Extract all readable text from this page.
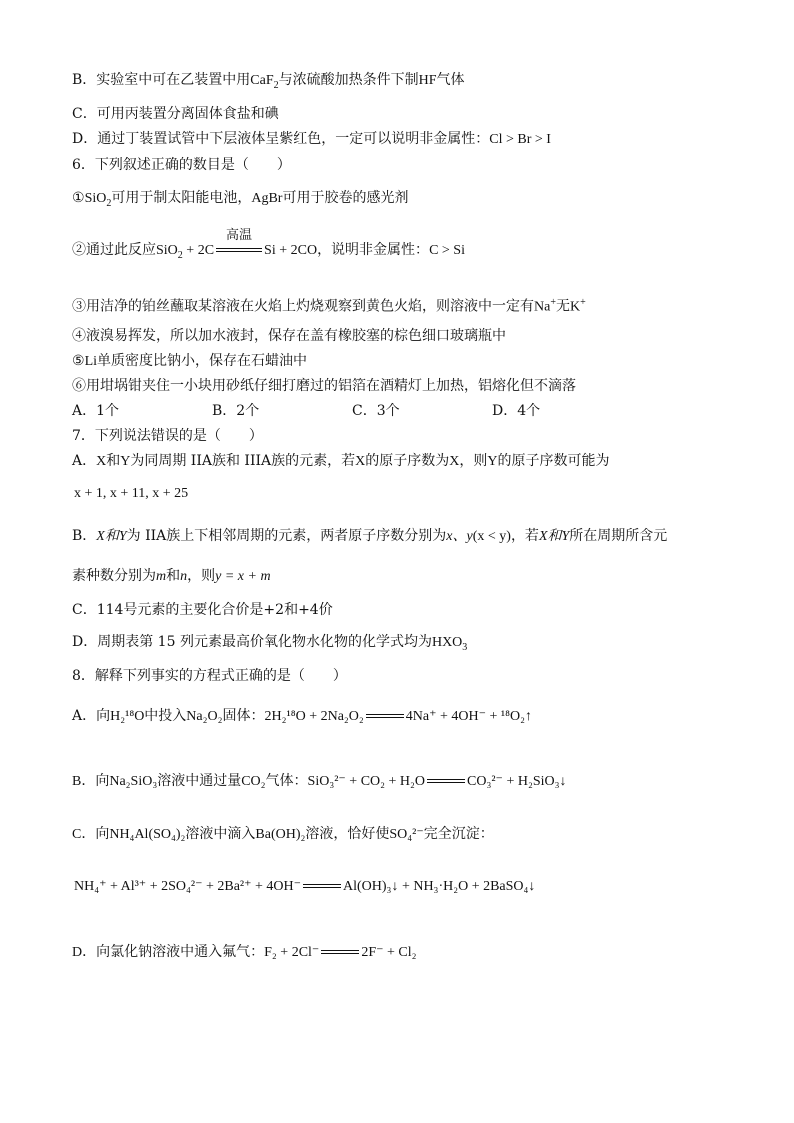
B．实验室中可在乙装置中用CaF$_2$与浓硫酸加热条件下制HF气体
C．可用丙装置分离固体食盐和碘
D．通过丁装置试管中下层液体呈紫红色，一定可以说明非金属性：Cl > Br > I
6．下列叙述正确的数目是（　　）
①SiO$_2$可用于制太阳能电池，AgBr可用于胶卷的感光剂
②通过此反应SiO$_2$ + 2C
高温
Si + 2CO，说明非金属性：C > Si
③用洁净的铂丝蘸取某溶液在火焰上灼烧观察到黄色火焰，则溶液中一定有Na+无K+
④液溴易挥发，所以加水液封，保存在盖有橡胶塞的棕色细口玻璃瓶中
⑤Li单质密度比钠小，保存在石蜡油中
⑥用坩埚钳夹住一小块用砂纸仔细打磨过的铝箔在酒精灯上加热，铝熔化但不滴落
A．1个	B．2个	C．3个	D．4个
7．下列说法错误的是（　　）
A．X和Y为同周期 IIA族和 IIIA族的元素，若X的原子序数为X，则Y的原子序数可能为
x + 1, x + 11, x + 25
B．X和Y为 IIA族上下相邻周期的元素，两者原子序数分别为x、y(x < y)，若X和Y所在周期所含元
素种数分别为m和n，则y = x + m
C．114号元素的主要化合价是+2和+4价
D．周期表第 15 列元素最高价氧化物水化物的化学式均为$HXO_3$
8．解释下列事实的方程式正确的是（　　）
A．向H₂¹⁸O中投入Na₂O₂固体：2H₂¹⁸O + 2Na₂O₂	4Na⁺ + 4OH⁻ + ¹⁸O₂↑
B．向Na₂SiO₃溶液中通过量CO₂气体：SiO₃²⁻ + CO₂ + H₂O	CO₃²⁻ + H₂SiO₃↓
C．向NH₄Al(SO₄)₂溶液中滴入Ba(OH)₂溶液，恰好使SO₄²⁻完全沉淀：
NH₄⁺ + Al³⁺ + 2SO₄²⁻ + 2Ba²⁺ + 4OH⁻	Al(OH)₃↓ + NH₃·H₂O + 2BaSO₄↓
D．向氯化钠溶液中通入氟气：F₂ + 2Cl⁻	2F⁻ + Cl₂
